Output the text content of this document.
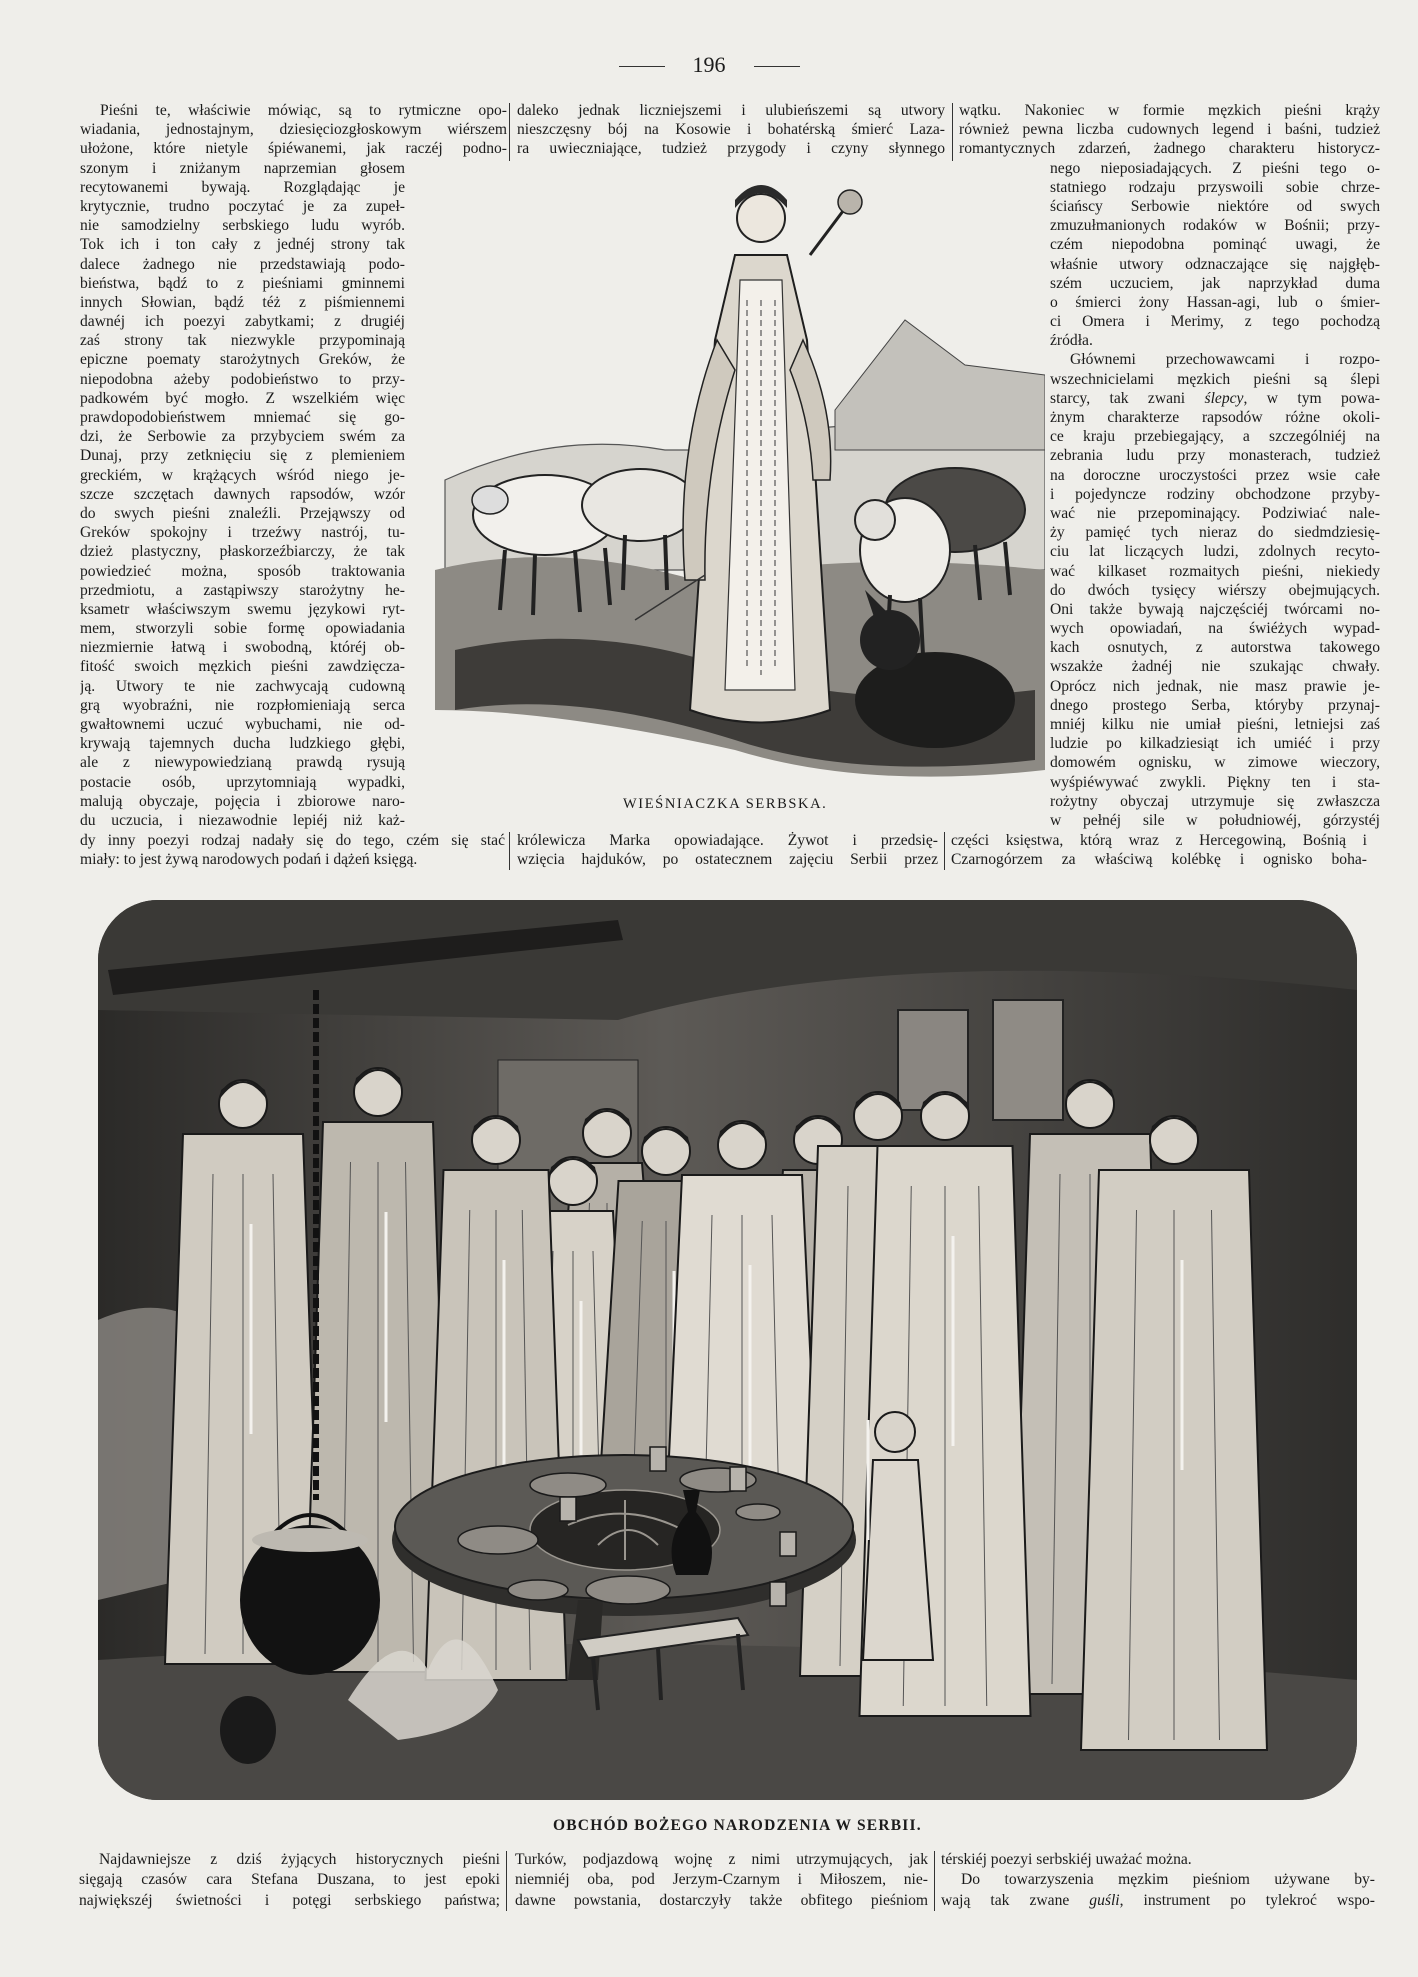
196
Pieśni te, właściwie mówiąc, są to rytmiczne opo-
wiadania, jednostajnym, dziesięciozgłoskowym wiérszem
ułożone, które nietyle śpiéwanemi, jak raczéj podno-
szonym i zniżanym naprzemian głosem
recytowanemi bywają. Rozglądając je
krytycznie, trudno poczytać je za zupeł-
nie samodzielny serbskiego ludu wyrób.
Tok ich i ton cały z jednéj strony tak
dalece żadnego nie przedstawiają podo-
bieństwa, bądź to z pieśniami gminnemi
innych Słowian, bądź téż z piśmiennemi
dawnéj ich poezyi zabytkami; z drugiéj
zaś strony tak niezwykle przypominają
epiczne poematy starożytnych Greków, że
niepodobna ażeby podobieństwo to przy-
padkowém być mogło. Z wszelkiém więc
prawdopodobieństwem mniemać się go-
dzi, że Serbowie za przybyciem swém za
Dunaj, przy zetknięciu się z plemieniem
greckiém, w krążących wśród niego je-
szcze szczętach dawnych rapsodów, wzór
do swych pieśni znaleźli. Przejąwszy od
Greków spokojny i trzeźwy nastrój, tu-
dzież plastyczny, płaskorzeźbiarczy, że tak
powiedzieć można, sposób traktowania
przedmiotu, a zastąpiwszy starożytny he-
ksametr właściwszym swemu językowi ryt-
mem, stworzyli sobie formę opowiadania
niezmiernie łatwą i swobodną, któréj ob-
fitość swoich męzkich pieśni zawdzięcza-
ją. Utwory te nie zachwycają cudowną
grą wyobraźni, nie rozpłomieniają serca
gwałtownemi uczuć wybuchami, nie od-
krywają tajemnych ducha ludzkiego głębi,
ale z niewypowiedzianą prawdą rysują
postacie osób, uprzytomniają wypadki,
malują obyczaje, pojęcia i zbiorowe naro-
du uczucia, i niezawodnie lepiéj niż każ-
dy inny poezyi rodzaj nadały się do tego, czém się stać
miały: to jest żywą narodowych podań i dążeń księgą.
daleko jednak liczniejszemi i ulubieńszemi są utwory
nieszczęsny bój na Kosowie i bohatérską śmierć Laza-
ra uwieczniające, tudzież przygody i czyny słynnego
królewicza Marka opowiadające. Żywot i przedsię-
wzięcia hajduków, po ostatecznem zajęciu Serbii przez
wątku. Nakoniec w formie męzkich pieśni krąży
również pewna liczba cudownych legend i baśni, tudzież
romantycznych zdarzeń, żadnego charakteru historycz-
nego nieposiadających. Z pieśni tego o-
statniego rodzaju przyswoili sobie chrze-
ściańscy Serbowie niektóre od swych
zmuzułmanionych rodaków w Bośnii; przy-
czém niepodobna pominąć uwagi, że
właśnie utwory odznaczające się najgłęb-
szém uczuciem, jak naprzykład duma
o śmierci żony Hassan-agi, lub o śmier-
ci Omera i Merimy, z tego pochodzą
źródła.
Głównemi przechowawcami i rozpo-
wszechnicielami męzkich pieśni są ślepi
starcy, tak zwani ślepcy, w tym powa-
żnym charakterze rapsodów różne okoli-
ce kraju przebiegający, a szczególniéj na
zebrania ludu przy monasterach, tudzież
na doroczne uroczystości przez wsie całe
i pojedyncze rodziny obchodzone przyby-
wać nie przepominający. Podziwiać nale-
ży pamięć tych nieraz do siedmdziesię-
ciu lat liczących ludzi, zdolnych recyto-
wać kilkaset rozmaitych pieśni, niekiedy
do dwóch tysięcy wiérszy obejmujących.
Oni także bywają najczęściéj twórcami no-
wych opowiadań, na świéżych wypad-
kach osnutych, z autorstwa takowego
wszakże żadnéj nie szukając chwały.
Oprócz nich jednak, nie masz prawie je-
dnego prostego Serba, któryby przynaj-
mniéj kilku nie umiał pieśni, letniejsi zaś
ludzie po kilkadziesiąt ich umiéć i przy
domowém ognisku, w zimowe wieczory,
wyśpiéwywać zwykli. Piękny ten i sta-
rożytny obyczaj utrzymuje się zwłaszcza
w pełnéj sile w południowéj, górzystéj
części księstwa, którą wraz z Hercegowiną, Bośnią i
Czarnogórzem za właściwą kolébkę i ognisko boha-
Najdawniejsze z dziś żyjących historycznych pieśni
sięgają czasów cara Stefana Duszana, to jest epoki
największéj świetności i potęgi serbskiego państwa;
Turków, podjazdową wojnę z nimi utrzymujących, jak
niemniéj oba, pod Jerzym-Czarnym i Miłoszem, nie-
dawne powstania, dostarczyły także obfitego pieśniom
térskiéj poezyi serbskiéj uważać można.
Do towarzyszenia męzkim pieśniom używane by-
wają tak zwane guśli, instrument po tylekroć wspo-
WIEŚNIACZKA SERBSKA.
OBCHÓD BOŻEGO NARODZENIA W SERBII.
